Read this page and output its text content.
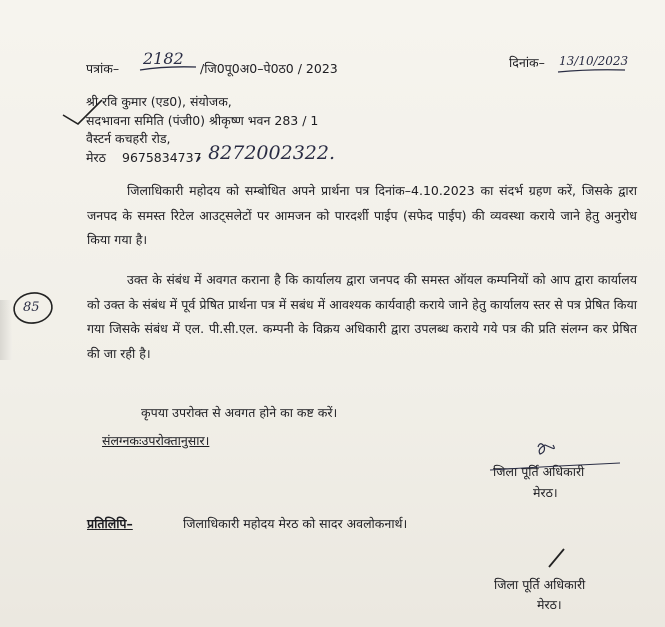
पत्रांक–
2182
/जि0पू0अ0–पे0ठ0 / 2023	दिनांक– 13/10/2023
श्री रवि कुमार (एड0), संयोजक,
सदभावना समिति (पंजी0) श्रीकृष्ण भवन 283 / 1
वैस्टर्न कचहरी रोड,
मेरठ 9675834737
, 8272002322.
जिलाधिकारी महोदय को सम्बोधित अपने प्रार्थना पत्र दिनांक–4.10.2023 का संदर्भ ग्रहण करें, जिसके द्वारा जनपद के समस्त रिटेल आउट्सलेटों पर आमजन को पारदर्शी पाईप (सफेद पाईप) की व्यवस्था कराये जाने हेतु अनुरोध किया गया है।
उक्त के संबंध में अवगत कराना है कि कार्यालय द्वारा जनपद की समस्त ऑयल कम्पनियों को आप द्वारा कार्यालय को उक्त के संबंध में पूर्व प्रेषित प्रार्थना पत्र में सबंध में आवश्यक कार्यवाही कराये जाने हेतु कार्यालय स्तर से पत्र प्रेषित किया गया जिसके संबंध में एल. पी.सी.एल. कम्पनी के विक्रय अधिकारी द्वारा उपलब्ध कराये गये पत्र की प्रति संलग्न कर प्रेषित की जा रही है।
कृपया उपरोक्त से अवगत होने का कष्ट करें।
संलग्नकःउपरोक्तानुसार।
85
जिला पूर्ति अधिकारी
मेरठ।
प्रतिलिपि–	जिलाधिकारी महोदय मेरठ को सादर अवलोकनार्थ।
जिला पूर्ति अधिकारी
मेरठ।
